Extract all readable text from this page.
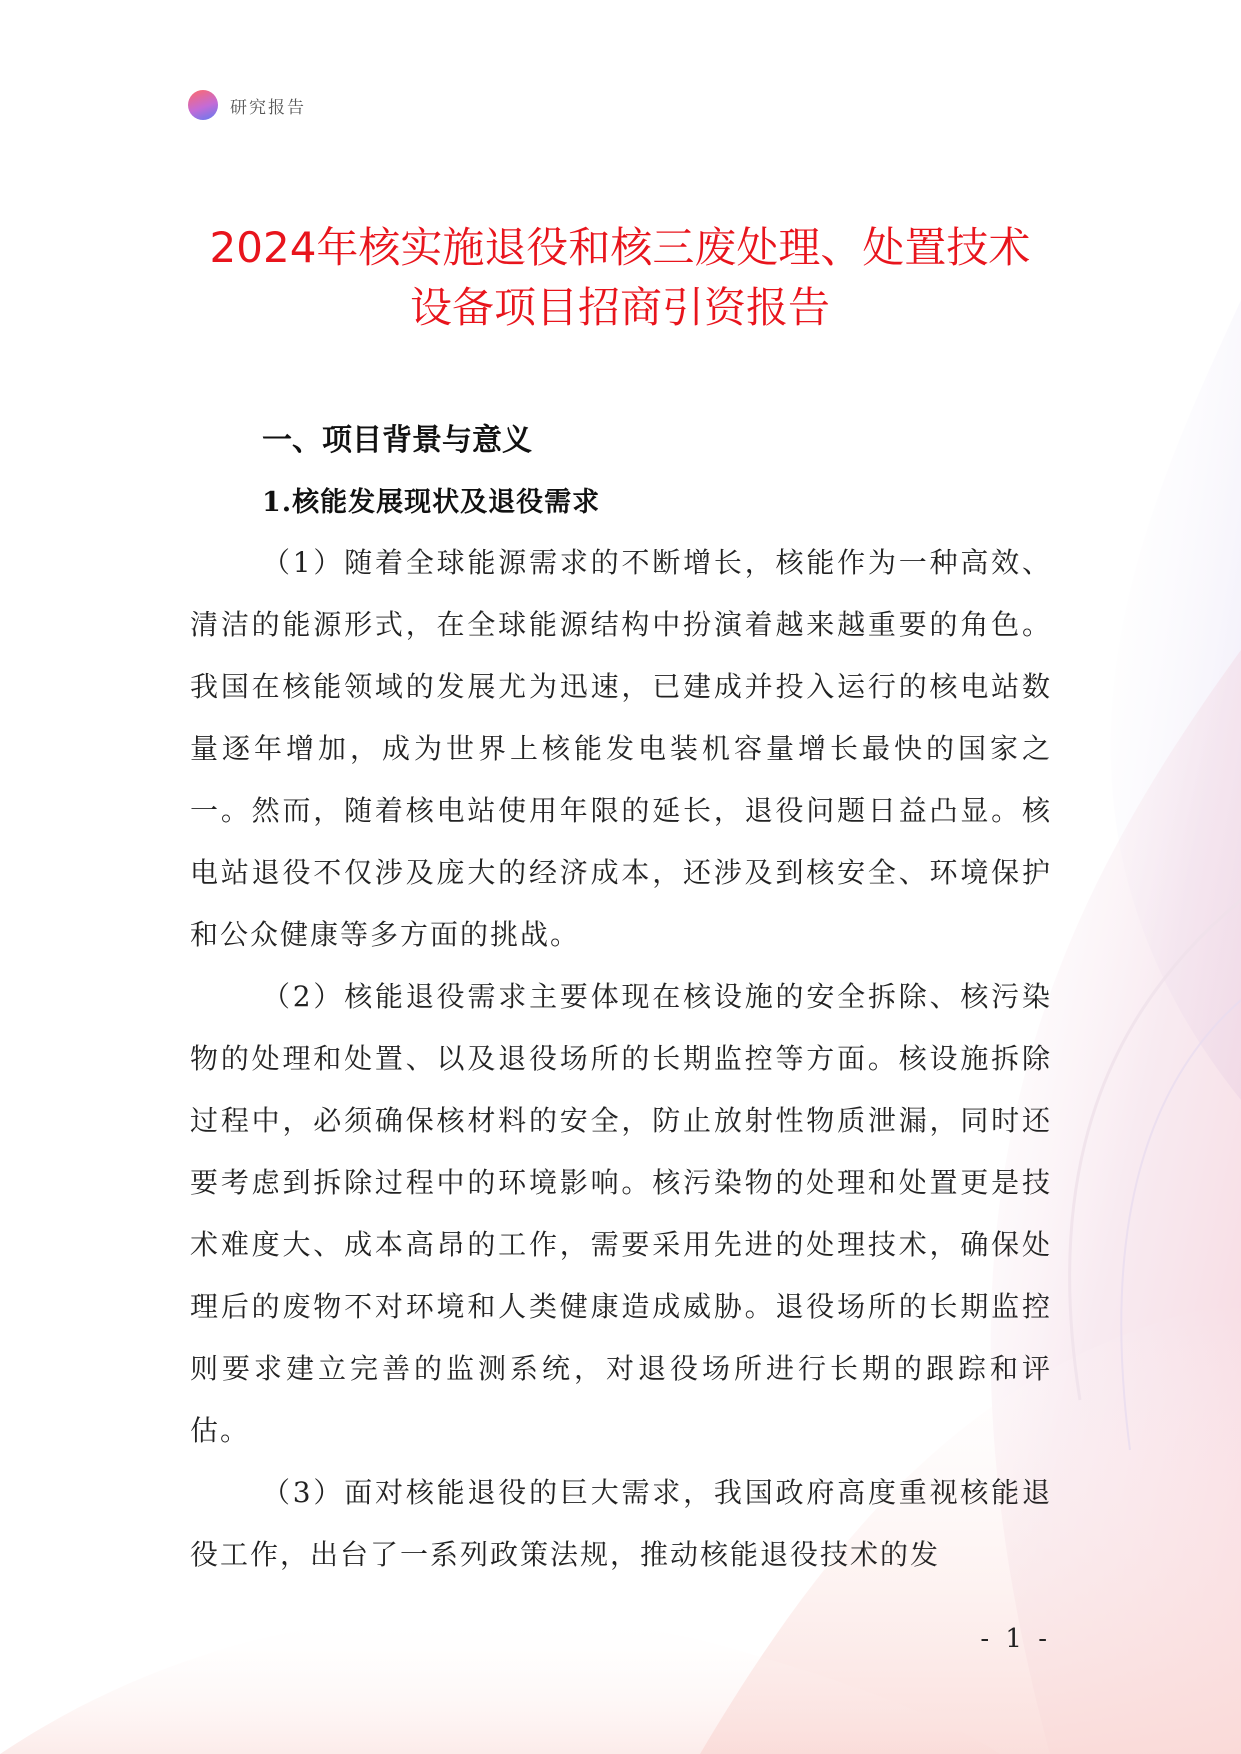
研究报告
2024年核实施退役和核三废处理、处置技术
设备项目招商引资报告
一、项目背景与意义
1.核能发展现状及退役需求

（1）随着全球能源需求的不断增长，核能作为一种高效、清洁的能源形式，在全球能源结构中扮演着越来越重要的角色。我国在核能领域的发展尤为迅速，已建成并投入运行的核电站数量逐年增加，成为世界上核能发电装机容量增长最快的国家之一。然而，随着核电站使用年限的延长，退役问题日益凸显。核电站退役不仅涉及庞大的经济成本，还涉及到核安全、环境保护和公众健康等多方面的挑战。

（2）核能退役需求主要体现在核设施的安全拆除、核污染物的处理和处置、以及退役场所的长期监控等方面。核设施拆除过程中，必须确保核材料的安全，防止放射性物质泄漏，同时还要考虑到拆除过程中的环境影响。核污染物的处理和处置更是技术难度大、成本高昂的工作，需要采用先进的处理技术，确保处理后的废物不对环境和人类健康造成威胁。退役场所的长期监控则要求建立完善的监测系统，对退役场所进行长期的跟踪和评估。

（3）面对核能退役的巨大需求，我国政府高度重视核能退役工作，出台了一系列政策法规，推动核能退役技术的发

- 1 -
